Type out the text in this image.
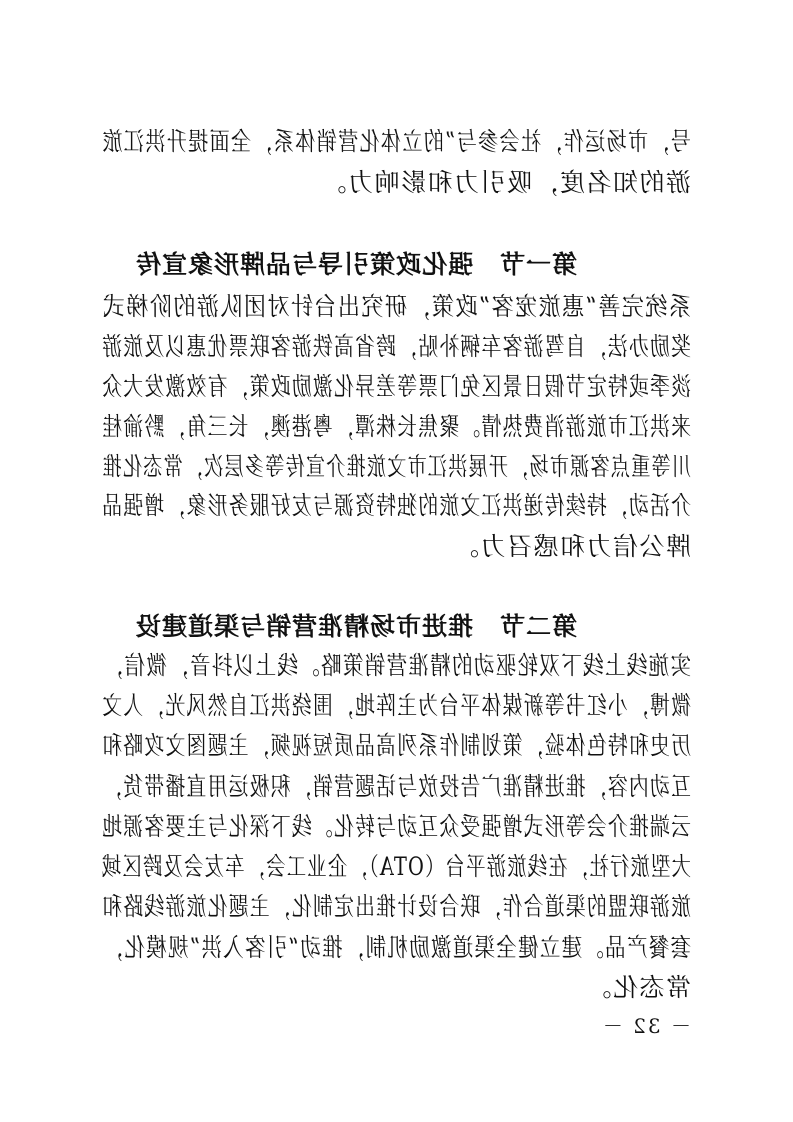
号，市场运作，社会参与”的立体化营销体系，全面提升洪江旅
游的知名度，吸引力和影响力。
第一节　强化政策引导与品牌形象宣传
系统完善“惠旅宠客”政策，研究出台针对团队游的阶梯式
奖励办法，自驾游客车辆补贴，跨省高铁游客联票优惠以及旅游
淡季或特定节假日景区免门票等差异化激励政策，有效激发大众
来洪江市旅游消费热情。聚焦长株潭，粤港澳，长三角，黔渝桂
川等重点客源市场，开展洪江市文旅推介宣传等多层次，常态化推
介活动，持续传递洪江文旅的独特资源与友好服务形象，增强品
牌公信力和感召力。
第二节　推进市场精准营销与渠道建设
实施线上线下双轮驱动的精准营销策略。线上以抖音，微信，
微博，小红书等新媒体平台为主阵地，围绕洪江自然风光，人文
历史和特色体验，策划制作系列高品质短视频，主题图文攻略和
互动内容，推进精准广告投放与话题营销，积极运用直播带货，
云端推介会等形式增强受众互动与转化。线下深化与主要客源地
大型旅行社，在线旅游平台（OTA），企业工会，车友会及跨区域
旅游联盟的渠道合作，联合设计推出定制化，主题化旅游线路和
套餐产品。建立健全渠道激励机制，推动“引客入洪”规模化，
常态化。
－ 32 －
